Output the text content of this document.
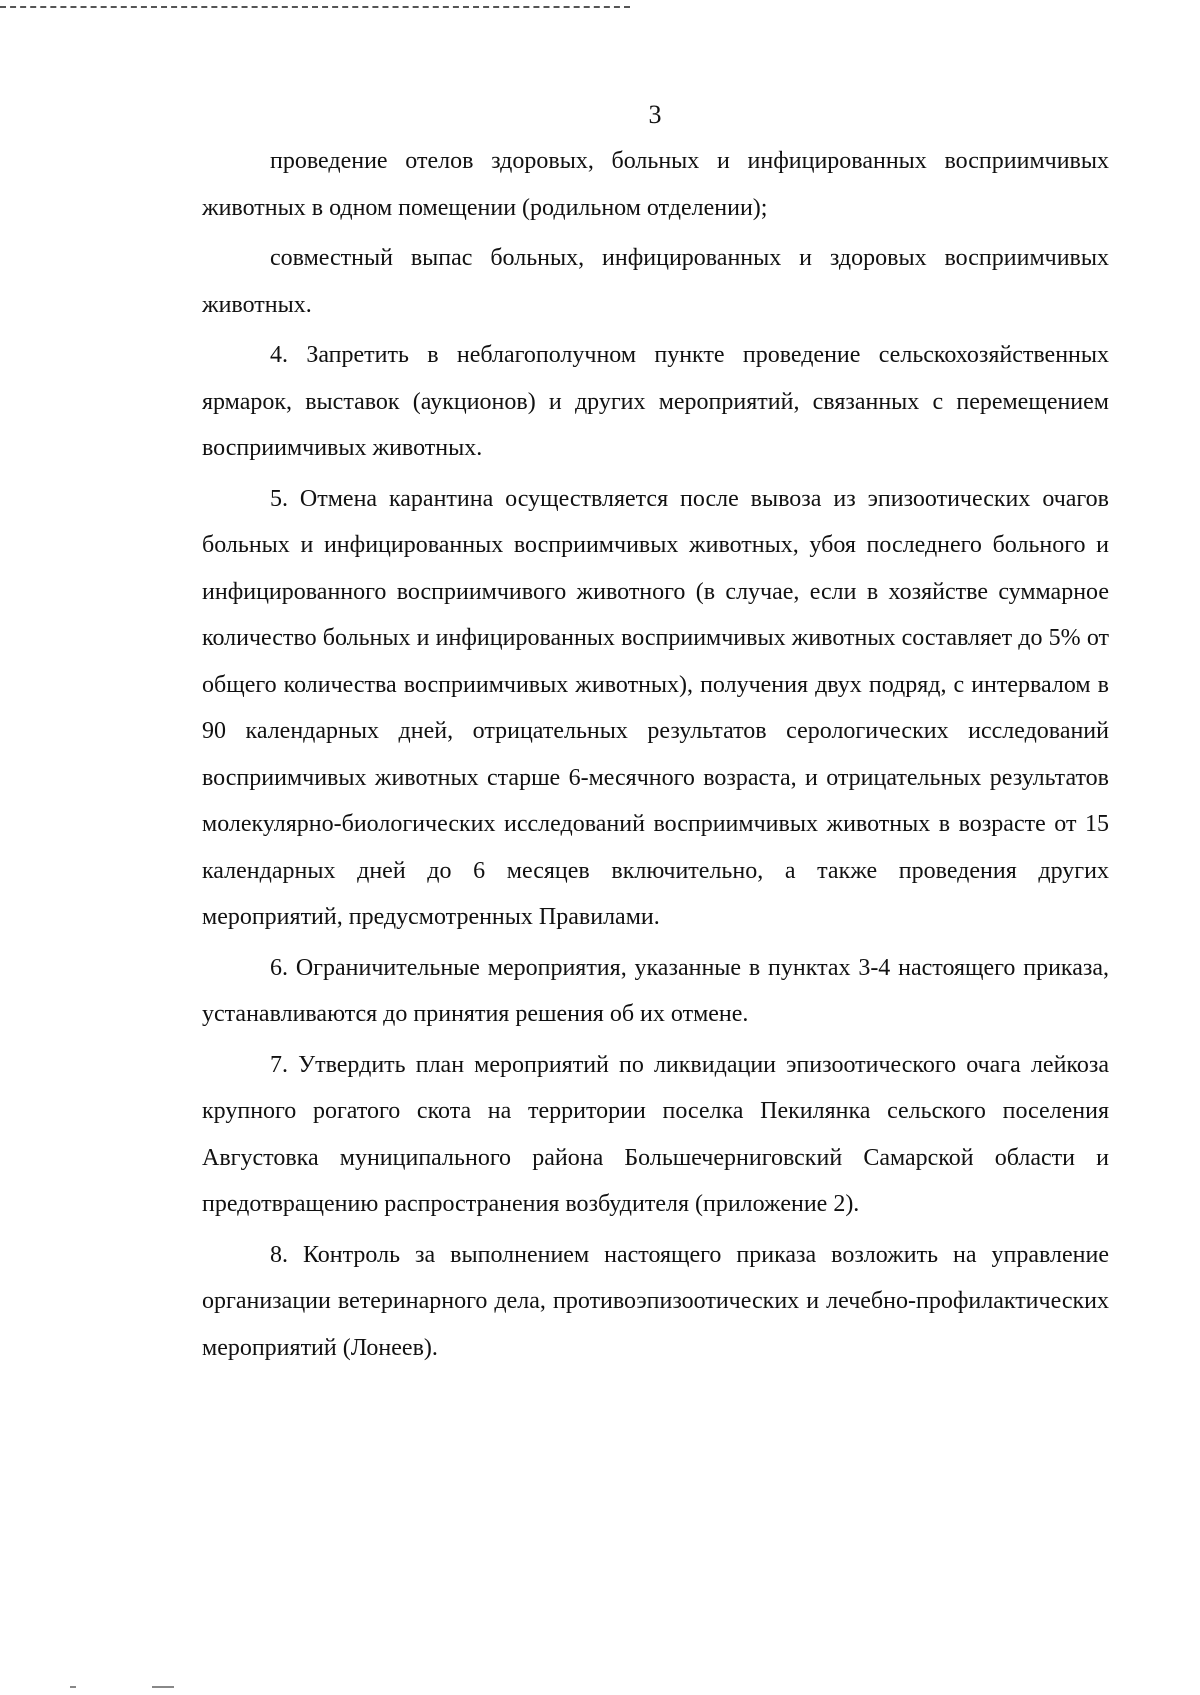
3

проведение отелов здоровых, больных и инфицированных восприимчивых животных в одном помещении (родильном отделении);

совместный выпас больных, инфицированных и здоровых восприимчивых животных.

4. Запретить в неблагополучном пункте проведение сельскохозяйственных ярмарок, выставок (аукционов) и других мероприятий, связанных с перемещением восприимчивых животных.

5. Отмена карантина осуществляется после вывоза из эпизоотических очагов больных и инфицированных восприимчивых животных, убоя последнего больного и инфицированного восприимчивого животного (в случае, если в хозяйстве суммарное количество больных и инфицированных восприимчивых животных составляет до 5% от общего количества восприимчивых животных), получения двух подряд, с интервалом в 90 календарных дней, отрицательных результатов серологических исследований восприимчивых животных старше 6-месячного возраста, и отрицательных результатов молекулярно-биологических исследований восприимчивых животных в возрасте от 15 календарных дней до 6 месяцев включительно, а также проведения других мероприятий, предусмотренных Правилами.

6. Ограничительные мероприятия, указанные в пунктах 3-4 настоящего приказа, устанавливаются до принятия решения об их отмене.

7. Утвердить план мероприятий по ликвидации эпизоотического очага лейкоза крупного рогатого скота на территории поселка Пекилянка сельского поселения Августовка муниципального района Большечерниговский Самарской области и предотвращению распространения возбудителя (приложение 2).

8. Контроль за выполнением настоящего приказа возложить на управление организации ветеринарного дела, противоэпизоотических и лечебно-профилактических мероприятий (Лонеев).
